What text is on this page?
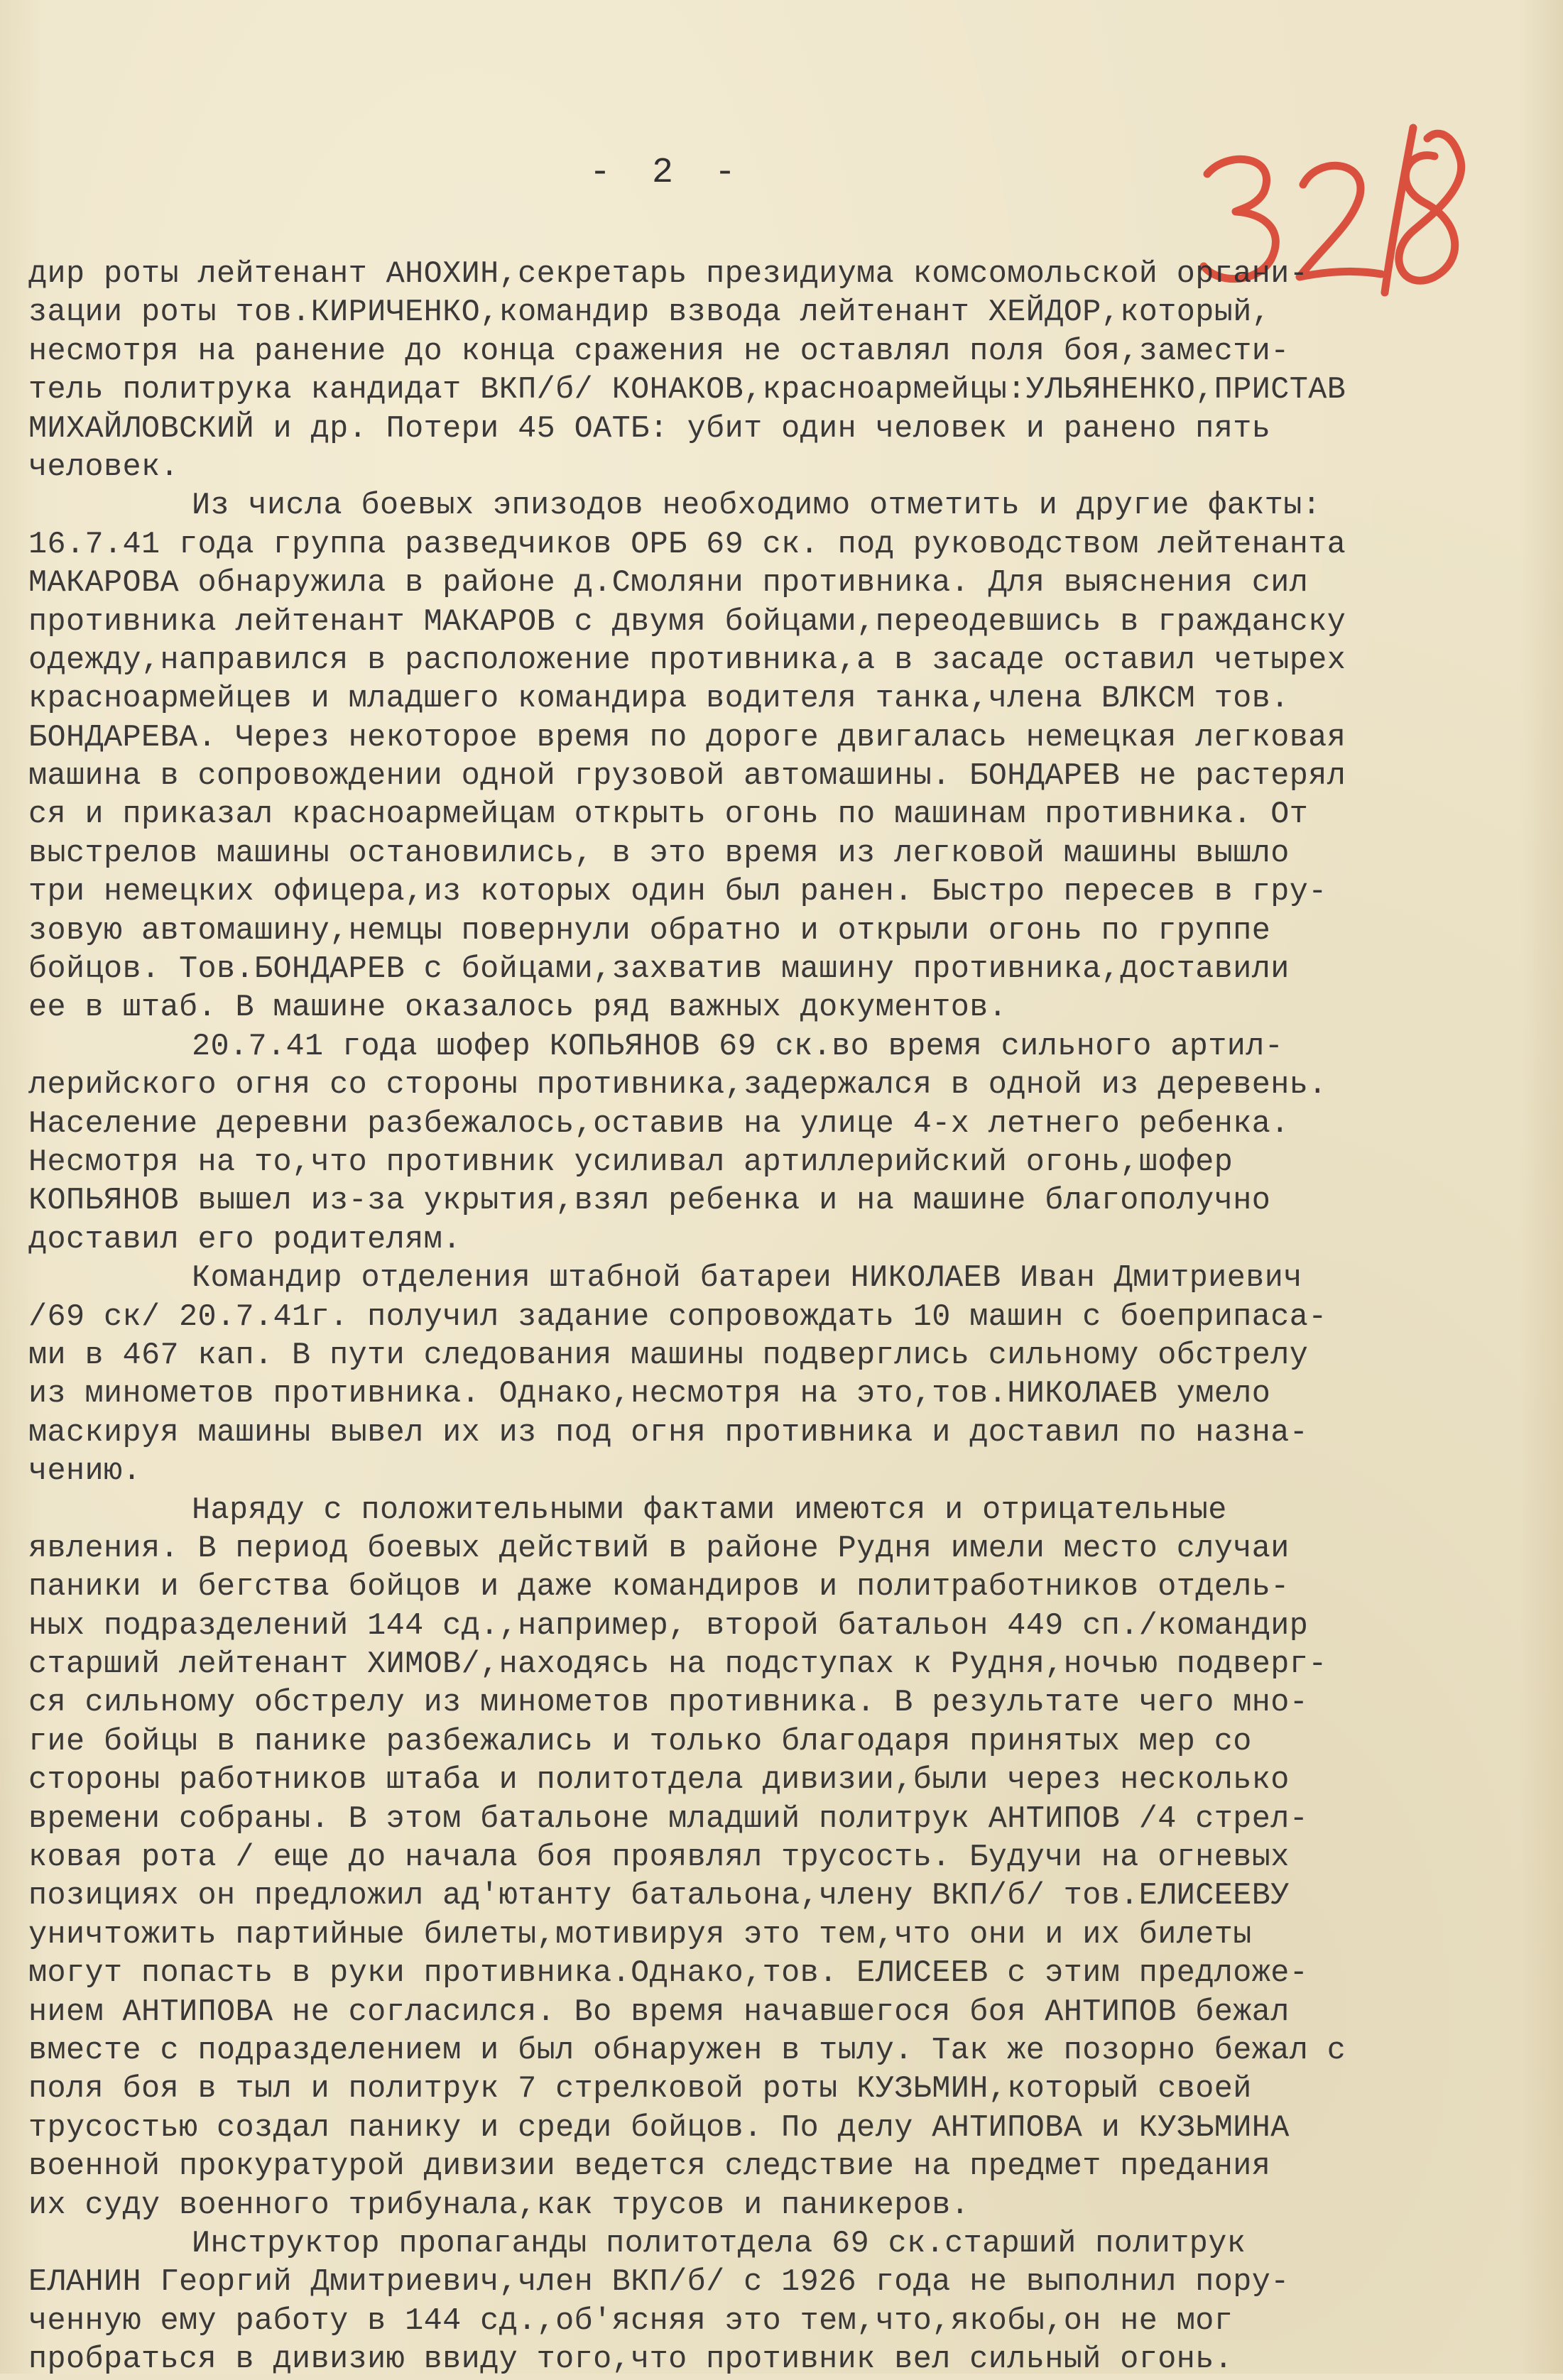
- 2 -
дир роты лейтенант АНОХИН,секретарь президиума комсомольской органи-
зации роты тов.КИРИЧЕНКО,командир взвода лейтенант ХЕЙДОР,который,
несмотря на ранение до конца сражения не оставлял поля боя,замести-
тель политрука кандидат ВКП/б/ КОНАКОВ,красноармейцы:УЛЬЯНЕНКО,ПРИСТАВ
МИХАЙЛОВСКИЙ и др. Потери 45 ОАТБ: убит один человек и ранено пять
человек.
Из числа боевых эпизодов необходимо отметить и другие факты:
16.7.41 года группа разведчиков ОРБ 69 ск. под руководством лейтенанта
МАКАРОВА обнаружила в районе д.Смоляни противника. Для выяснения сил
противника лейтенант МАКАРОВ с двумя бойцами,переодевшись в гражданску
одежду,направился в расположение противника,а в засаде оставил четырех
красноармейцев и младшего командира водителя танка,члена ВЛКСМ тов.
БОНДАРЕВА. Через некоторое время по дороге двигалась немецкая легковая
машина в сопровождении одной грузовой автомашины. БОНДАРЕВ не растерял
ся и приказал красноармейцам открыть огонь по машинам противника. От
выстрелов машины остановились, в это время из легковой машины вышло
три немецких офицера,из которых один был ранен. Быстро пересев в гру-
зовую автомашину,немцы повернули обратно и открыли огонь по группе
бойцов. Тов.БОНДАРЕВ с бойцами,захватив машину противника,доставили
ее в штаб. В машине оказалось ряд важных документов.
20.7.41 года шофер КОПЬЯНОВ 69 ск.во время сильного артил-
лерийского огня со стороны противника,задержался в одной из деревень.
Население деревни разбежалось,оставив на улице 4-х летнего ребенка.
Несмотря на то,что противник усиливал артиллерийский огонь,шофер
КОПЬЯНОВ вышел из-за укрытия,взял ребенка и на машине благополучно
доставил его родителям.
Командир отделения штабной батареи НИКОЛАЕВ Иван Дмитриевич
/69 ск/ 20.7.41г. получил задание сопровождать 10 машин с боеприпаса-
ми в 467 кап. В пути следования машины подверглись сильному обстрелу
из минометов противника. Однако,несмотря на это,тов.НИКОЛАЕВ умело
маскируя машины вывел их из под огня противника и доставил по назна-
чению.
Наряду с положительными фактами имеются и отрицательные
явления. В период боевых действий в районе Рудня имели место случаи
паники и бегства бойцов и даже командиров и политработников отдель-
ных подразделений 144 сд.,например, второй батальон 449 сп./командир
старший лейтенант ХИМОВ/,находясь на подступах к Рудня,ночью подверг-
ся сильному обстрелу из минометов противника. В результате чего мно-
гие бойцы в панике разбежались и только благодаря принятых мер со
стороны работников штаба и политотдела дивизии,были через несколько
времени собраны. В этом батальоне младший политрук АНТИПОВ /4 стрел-
ковая рота / еще до начала боя проявлял трусость. Будучи на огневых
позициях он предложил ад'ютанту батальона,члену ВКП/б/ тов.ЕЛИСЕЕВУ
уничтожить партийные билеты,мотивируя это тем,что они и их билеты
могут попасть в руки противника.Однако,тов. ЕЛИСЕЕВ с этим предложе-
нием АНТИПОВА не согласился. Во время начавшегося боя АНТИПОВ бежал
вместе с подразделением и был обнаружен в тылу. Так же позорно бежал с
поля боя в тыл и политрук 7 стрелковой роты КУЗЬМИН,который своей
трусостью создал панику и среди бойцов. По делу АНТИПОВА и КУЗЬМИНА
военной прокуратурой дивизии ведется следствие на предмет предания
их суду военного трибунала,как трусов и паникеров.
Инструктор пропаганды политотдела 69 ск.старший политрук
ЕЛАНИН Георгий Дмитриевич,член ВКП/б/ с 1926 года не выполнил пору-
ченную ему работу в 144 сд.,об'ясняя это тем,что,якобы,он не мог
пробраться в дивизию ввиду того,что противник вел сильный огонь.
